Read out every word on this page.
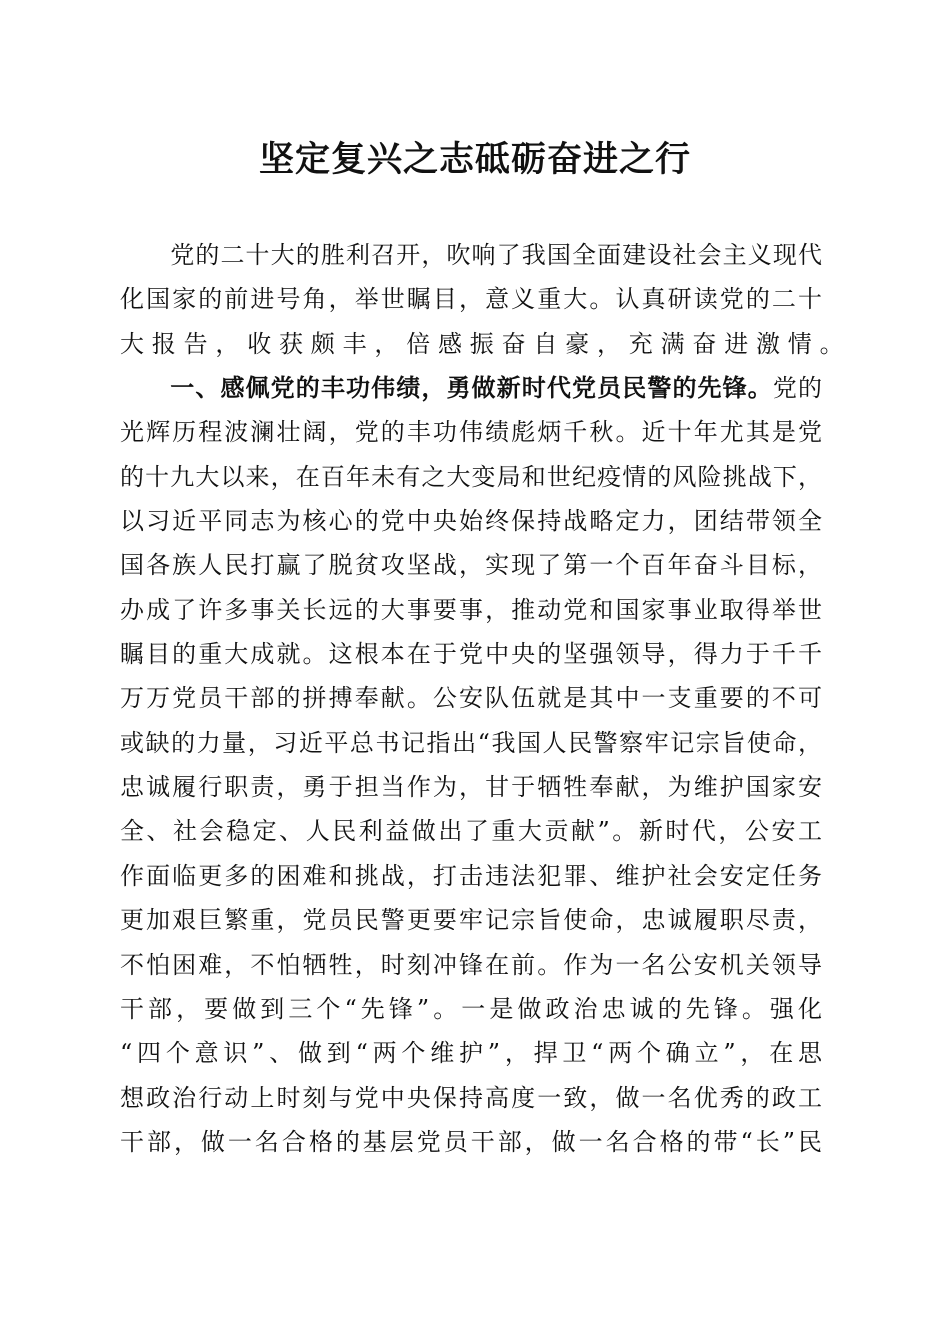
坚定复兴之志砥砺奋进之行
　　党的二十大的胜利召开，吹响了我国全面建设社会主义现代
化国家的前进号角，举世瞩目，意义重大。认真研读党的二十
大报告，收获颇丰，倍感振奋自豪，充满奋进激情。
　　一、感佩党的丰功伟绩，勇做新时代党员民警的先锋。党的
光辉历程波澜壮阔，党的丰功伟绩彪炳千秋。近十年尤其是党
的十九大以来，在百年未有之大变局和世纪疫情的风险挑战下，
以习近平同志为核心的党中央始终保持战略定力，团结带领全
国各族人民打赢了脱贫攻坚战，实现了第一个百年奋斗目标，
办成了许多事关长远的大事要事，推动党和国家事业取得举世
瞩目的重大成就。这根本在于党中央的坚强领导，得力于千千
万万党员干部的拼搏奉献。公安队伍就是其中一支重要的不可
或缺的力量，习近平总书记指出“我国人民警察牢记宗旨使命，
忠诚履行职责，勇于担当作为，甘于牺牲奉献，为维护国家安
全、社会稳定、人民利益做出了重大贡献”。新时代，公安工
作面临更多的困难和挑战，打击违法犯罪、维护社会安定任务
更加艰巨繁重，党员民警更要牢记宗旨使命，忠诚履职尽责，
不怕困难，不怕牺牲，时刻冲锋在前。作为一名公安机关领导
干部，要做到三个“先锋”。一是做政治忠诚的先锋。强化
“四个意识”、做到“两个维护”，捍卫“两个确立”，在思
想政治行动上时刻与党中央保持高度一致，做一名优秀的政工
干部，做一名合格的基层党员干部，做一名合格的带“长”民
